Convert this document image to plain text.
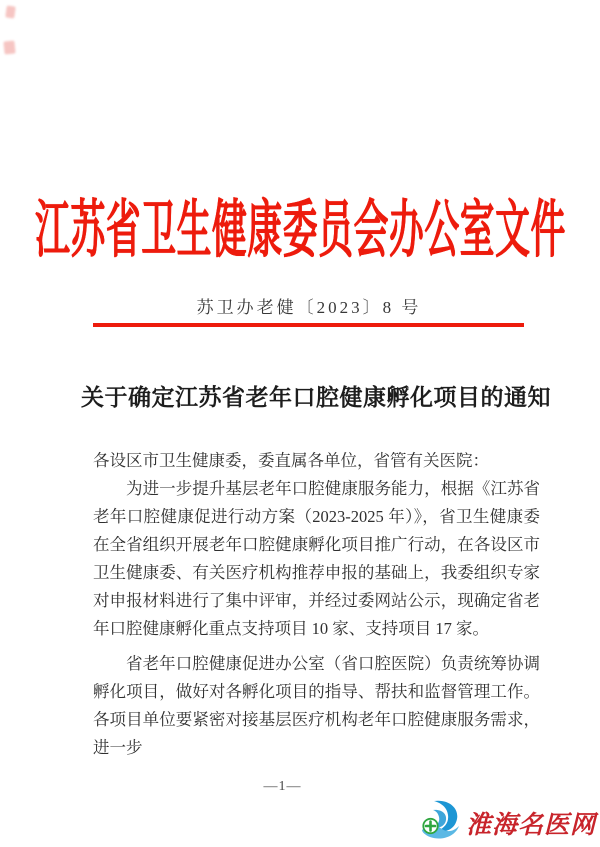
江苏省卫生健康委员会办公室文件
苏卫办老健〔2023〕8 号
关于确定江苏省老年口腔健康孵化项目的通知

各设区市卫生健康委，委直属各单位，省管有关医院：

为进一步提升基层老年口腔健康服务能力，根据《江苏省老年口腔健康促进行动方案（2023-2025 年）》，省卫生健康委在全省组织开展老年口腔健康孵化项目推广行动，在各设区市卫生健康委、有关医疗机构推荐申报的基础上，我委组织专家对申报材料进行了集中评审，并经过委网站公示，现确定省老年口腔健康孵化重点支持项目 10 家、支持项目 17 家。

省老年口腔健康促进办公室（省口腔医院）负责统筹协调孵化项目，做好对各孵化项目的指导、帮扶和监督管理工作。各项目单位要紧密对接基层医疗机构老年口腔健康服务需求，进一步

—1—
淮海名医网
